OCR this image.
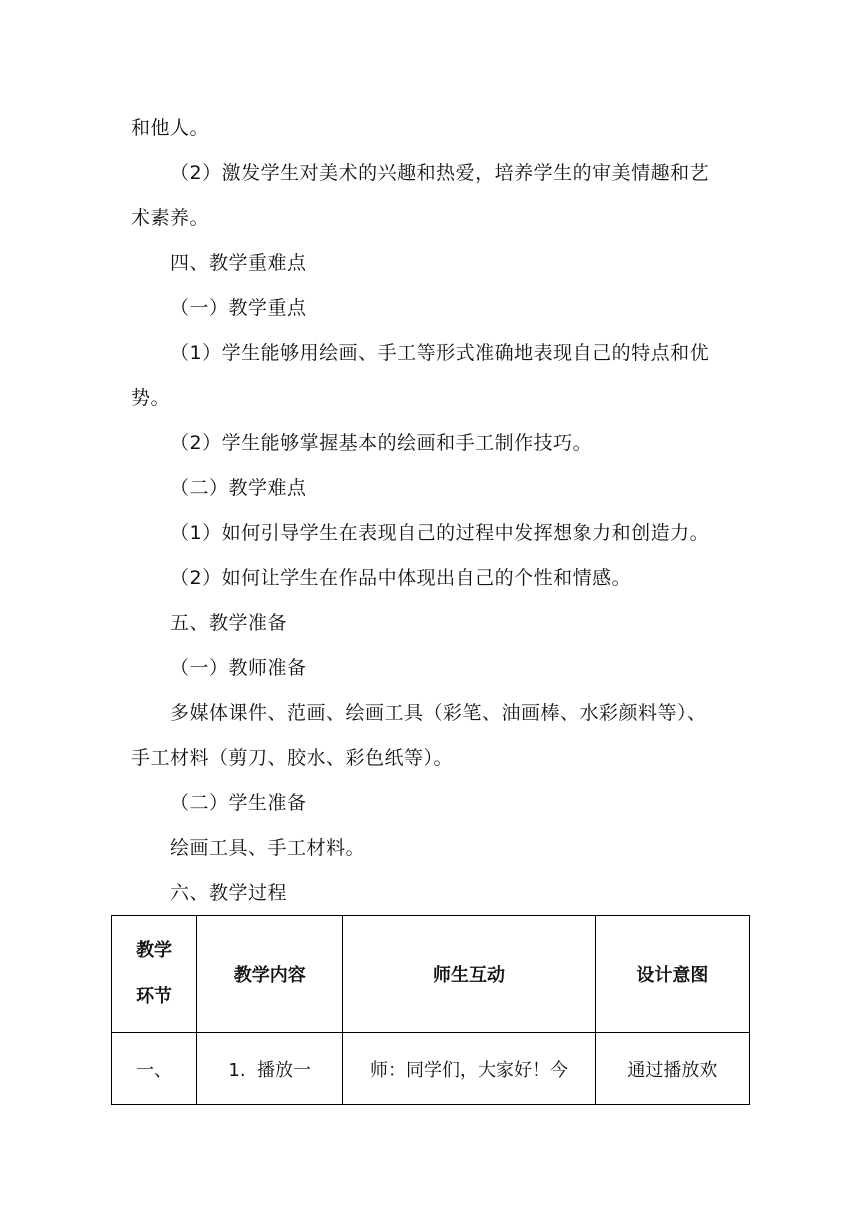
和他人。
（2）激发学生对美术的兴趣和热爱，培养学生的审美情趣和艺
术素养。
四、教学重难点
（一）教学重点
（1）学生能够用绘画、手工等形式准确地表现自己的特点和优
势。
（2）学生能够掌握基本的绘画和手工制作技巧。
（二）教学难点
（1）如何引导学生在表现自己的过程中发挥想象力和创造力。
（2）如何让学生在作品中体现出自己的个性和情感。
五、教学准备
（一）教师准备
多媒体课件、范画、绘画工具（彩笔、油画棒、水彩颜料等）、
手工材料（剪刀、胶水、彩色纸等）。
（二）学生准备
绘画工具、手工材料。
六、教学过程
教学
环节	教学内容	师生互动	设计意图
一、	1.  播放一	师：同学们，大家好！今	通过播放欢
